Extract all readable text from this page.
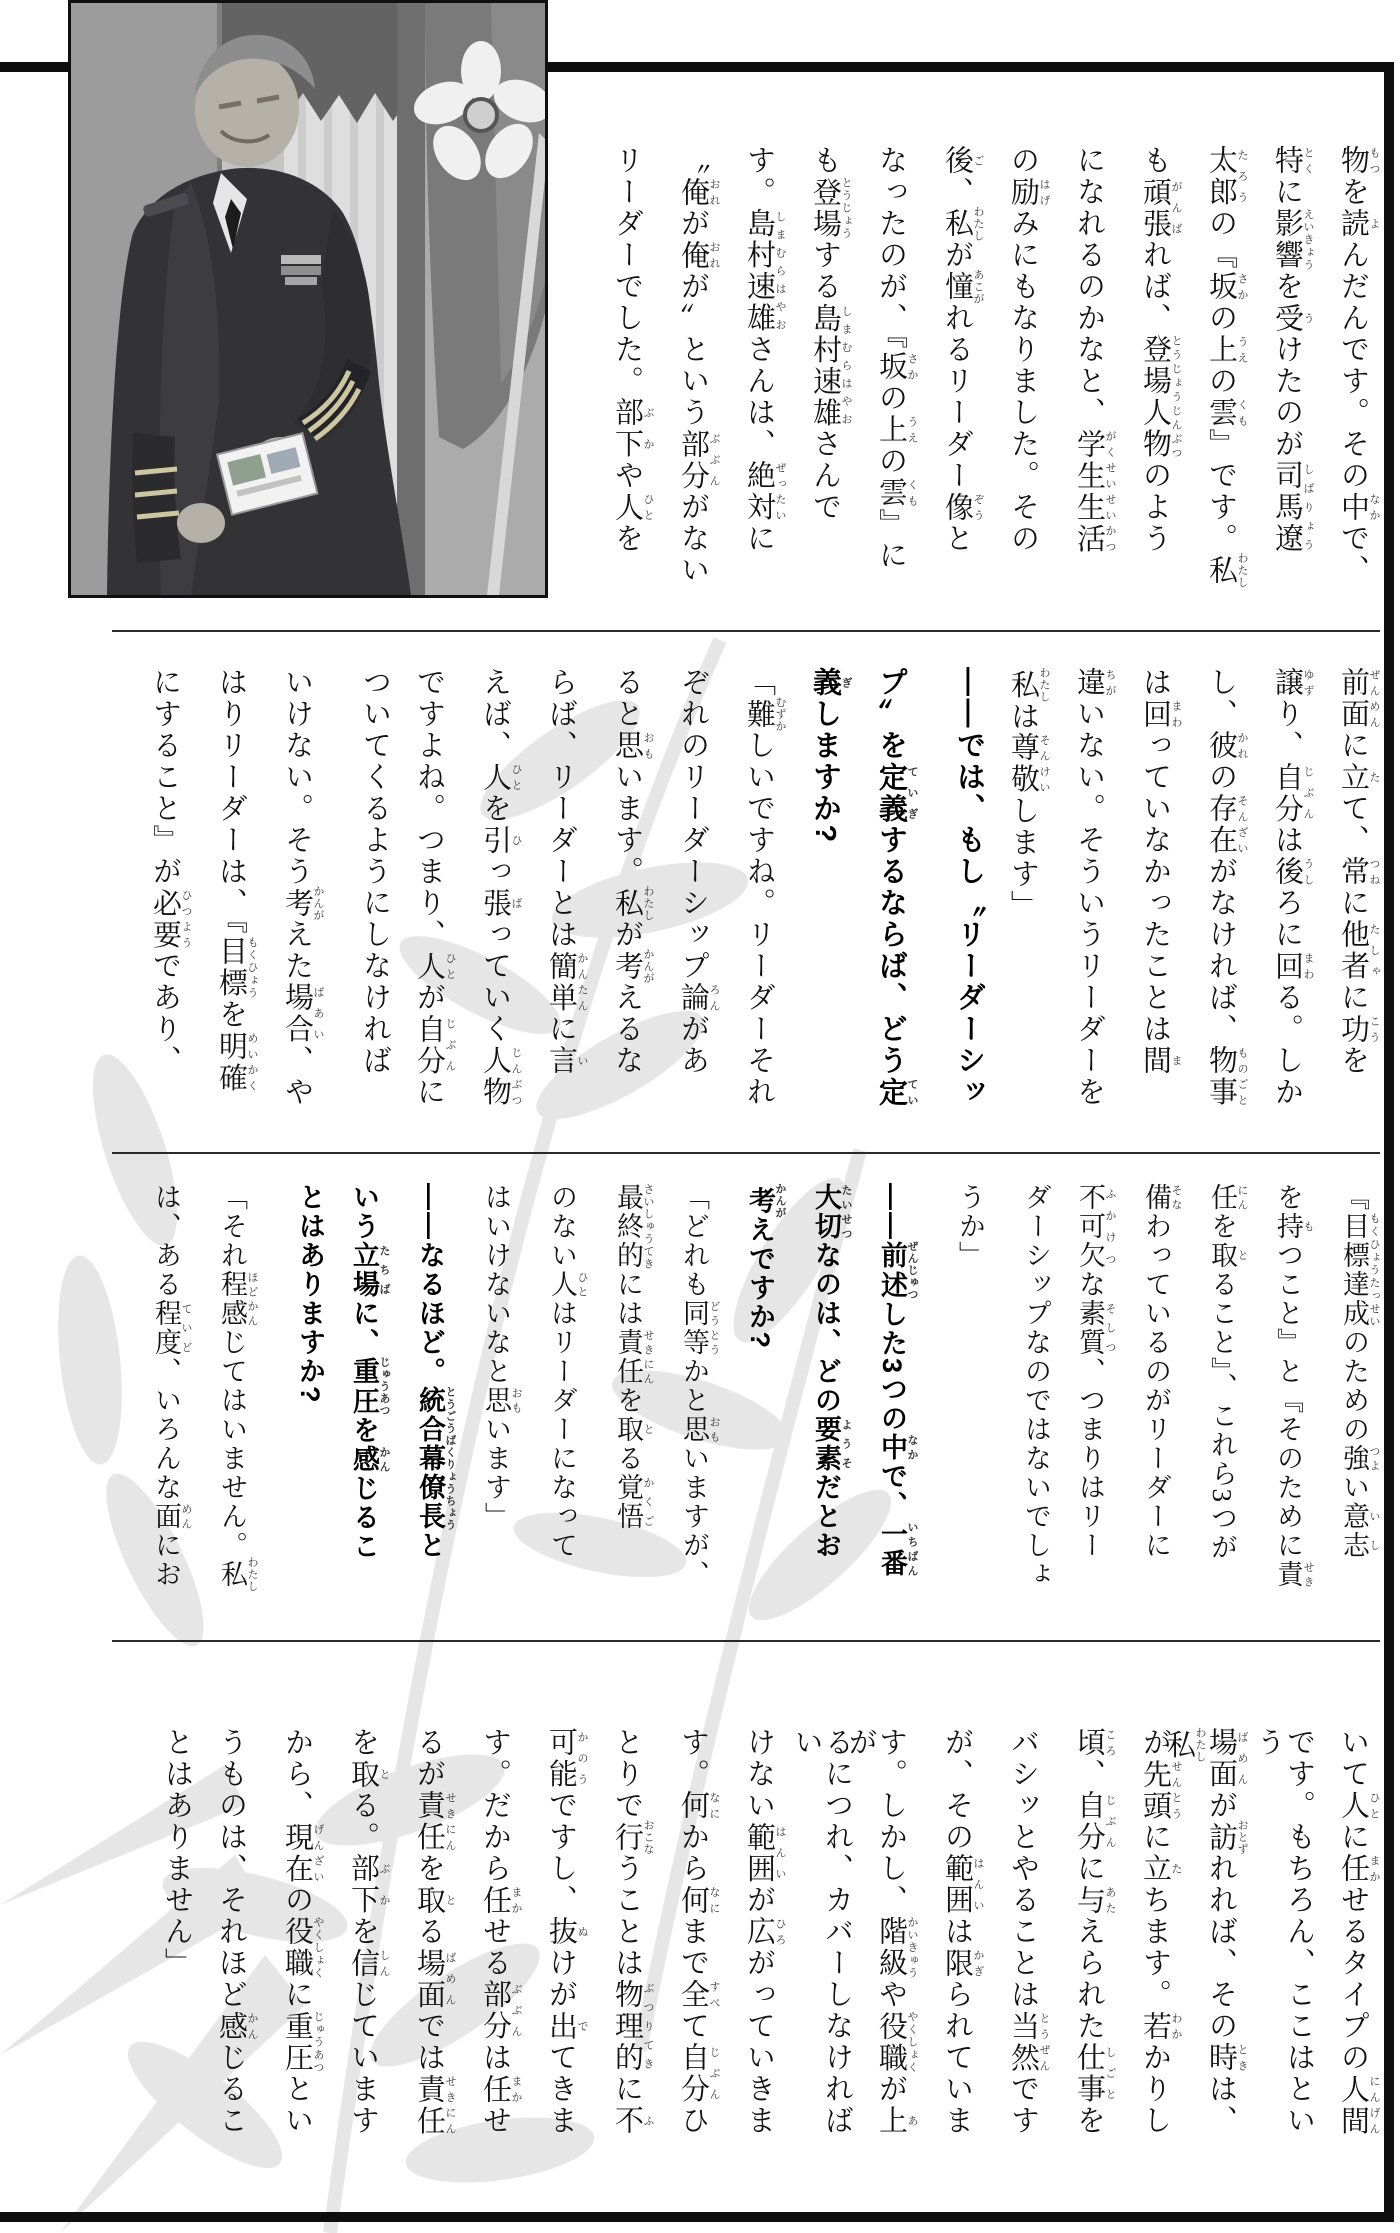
物 もつを読 よんだんです。その中 なかで、
特 とくに影響 えいきょうを受 うけたのが司馬遼 しばりょう
太郎 たろうの『坂 さかの上 うえの雲 くも』です。私 わたし
も頑張 がんばれば、登場人物 とうじょうじんぶつのよう
になれるのかなと、学生生活 がくせいせいかつ
の励 はげみにもなりました。その
後 ご、私 わたしが憧 あこがれるリーダー像 ぞうと
なったのが、『坂 さかの上 うえの雲 くも』に
も登場 とうじょうする島村速雄 しまむらはやおさんで
す。島村速雄 しまむらはやおさんは、絶対 ぜったいに
〝俺 おれが俺 おれが〟という部分 ぶぶんがない
リーダーでした。部下 ぶかや人 ひとを
前面 ぜんめんに立 たて、常 つねに他者 たしゃに功 こうを
譲 ゆずり、自分 じぶんは後 うしろに回 まわる。しか
し、彼 かれの存在 そんざいがなければ、物事 ものごと
は回 まわっていなかったことは間 ま
違 ちがいない。そういうリーダーを
私 わたしは尊敬 そんけいします」
――では、もし〝リーダーシッ
プ〟を定義 ていぎするならば、どう定 てい
義 ぎしますか?
「難 むずかしいですね。リーダーそれ
ぞれのリーダーシップ論 ろんがあ
ると思 おもいます。私 わたしが考 かんがえるな
らば、リーダーとは簡単 かんたんに言 い
えば、人 ひとを引 ひっ張 ぱっていく人物 じんぶつ
ですよね。つまり、人 ひとが自分 じぶんに
ついてくるようにしなければ
いけない。そう考 かんがえた場合 ばあい、や
はりリーダーは、『目標 もくひょうを明確 めいかく
にすること』が必要 ひつようであり、
『目標達成 もくひょうたっせいのための強 つよい意志 いし
を持 もつこと』と『そのために責 せき
任 にんを取 とること』、これら3つが
備 そなわっているのがリーダーに
不可欠 ふかけつな素質 そしつ、つまりはリー
ダーシップなのではないでしょ
うか」
――前述 ぜんじゅつした3つの中 なかで、一番 いちばん
大切 たいせつなのは、どの要素 ようそだとお
考 かんがえですか?
「どれも同等 どうとうかと思 おもいますが、
最終的 さいしゅうてきには責任 せきにんを取 とる覚悟 かくご
のない人 ひとはリーダーになって
はいけないなと思 おもいます」
――なるほど。統合幕僚長 とうごうばくりょうちょうと
いう立場 たちばに、重圧 じゅうあつを感 かんじるこ
とはありますか?
「それ程 ほど感 かんじてはいません。私 わたし
は、ある程度 ていど、いろんな面 めんにお
いて人 ひとに任 まかせるタイプの人間 にんげん
です。もちろん、ここはという
場面 ばめんが訪 おとずれれば、その時 ときは、私 わたし
が先頭 せんとうに立 たちます。若 わかかりし
頃 ころ、自分 じぶんに与 あたえられた仕事 しごとを
バシッとやることは当然 とうぜんです
が、その範囲 はんいは限 かぎられていま
す。しかし、階級 かいきゅうや役職 やくしょくが上 あが
るにつれ、カバーしなければい
けない範囲 はんいが広 ひろがっていきま
す。何 なにから何 なにまで全 すべて自分 じぶんひ
とりで行 おこなうことは物理的 ぶつりてきに不 ふ
可能 かのうですし、抜 ぬけが出 でてきま
す。だから任 まかせる部分 ぶぶんは任 まかせ
るが責任 せきにんを取 とる場面 ばめんでは責任 せきにん
を取 とる。部下 ぶかを信 しんじています
から、現在 げんざいの役職 やくしょくに重圧 じゅうあつとい
うものは、それほど感 かんじるこ
とはありません」
